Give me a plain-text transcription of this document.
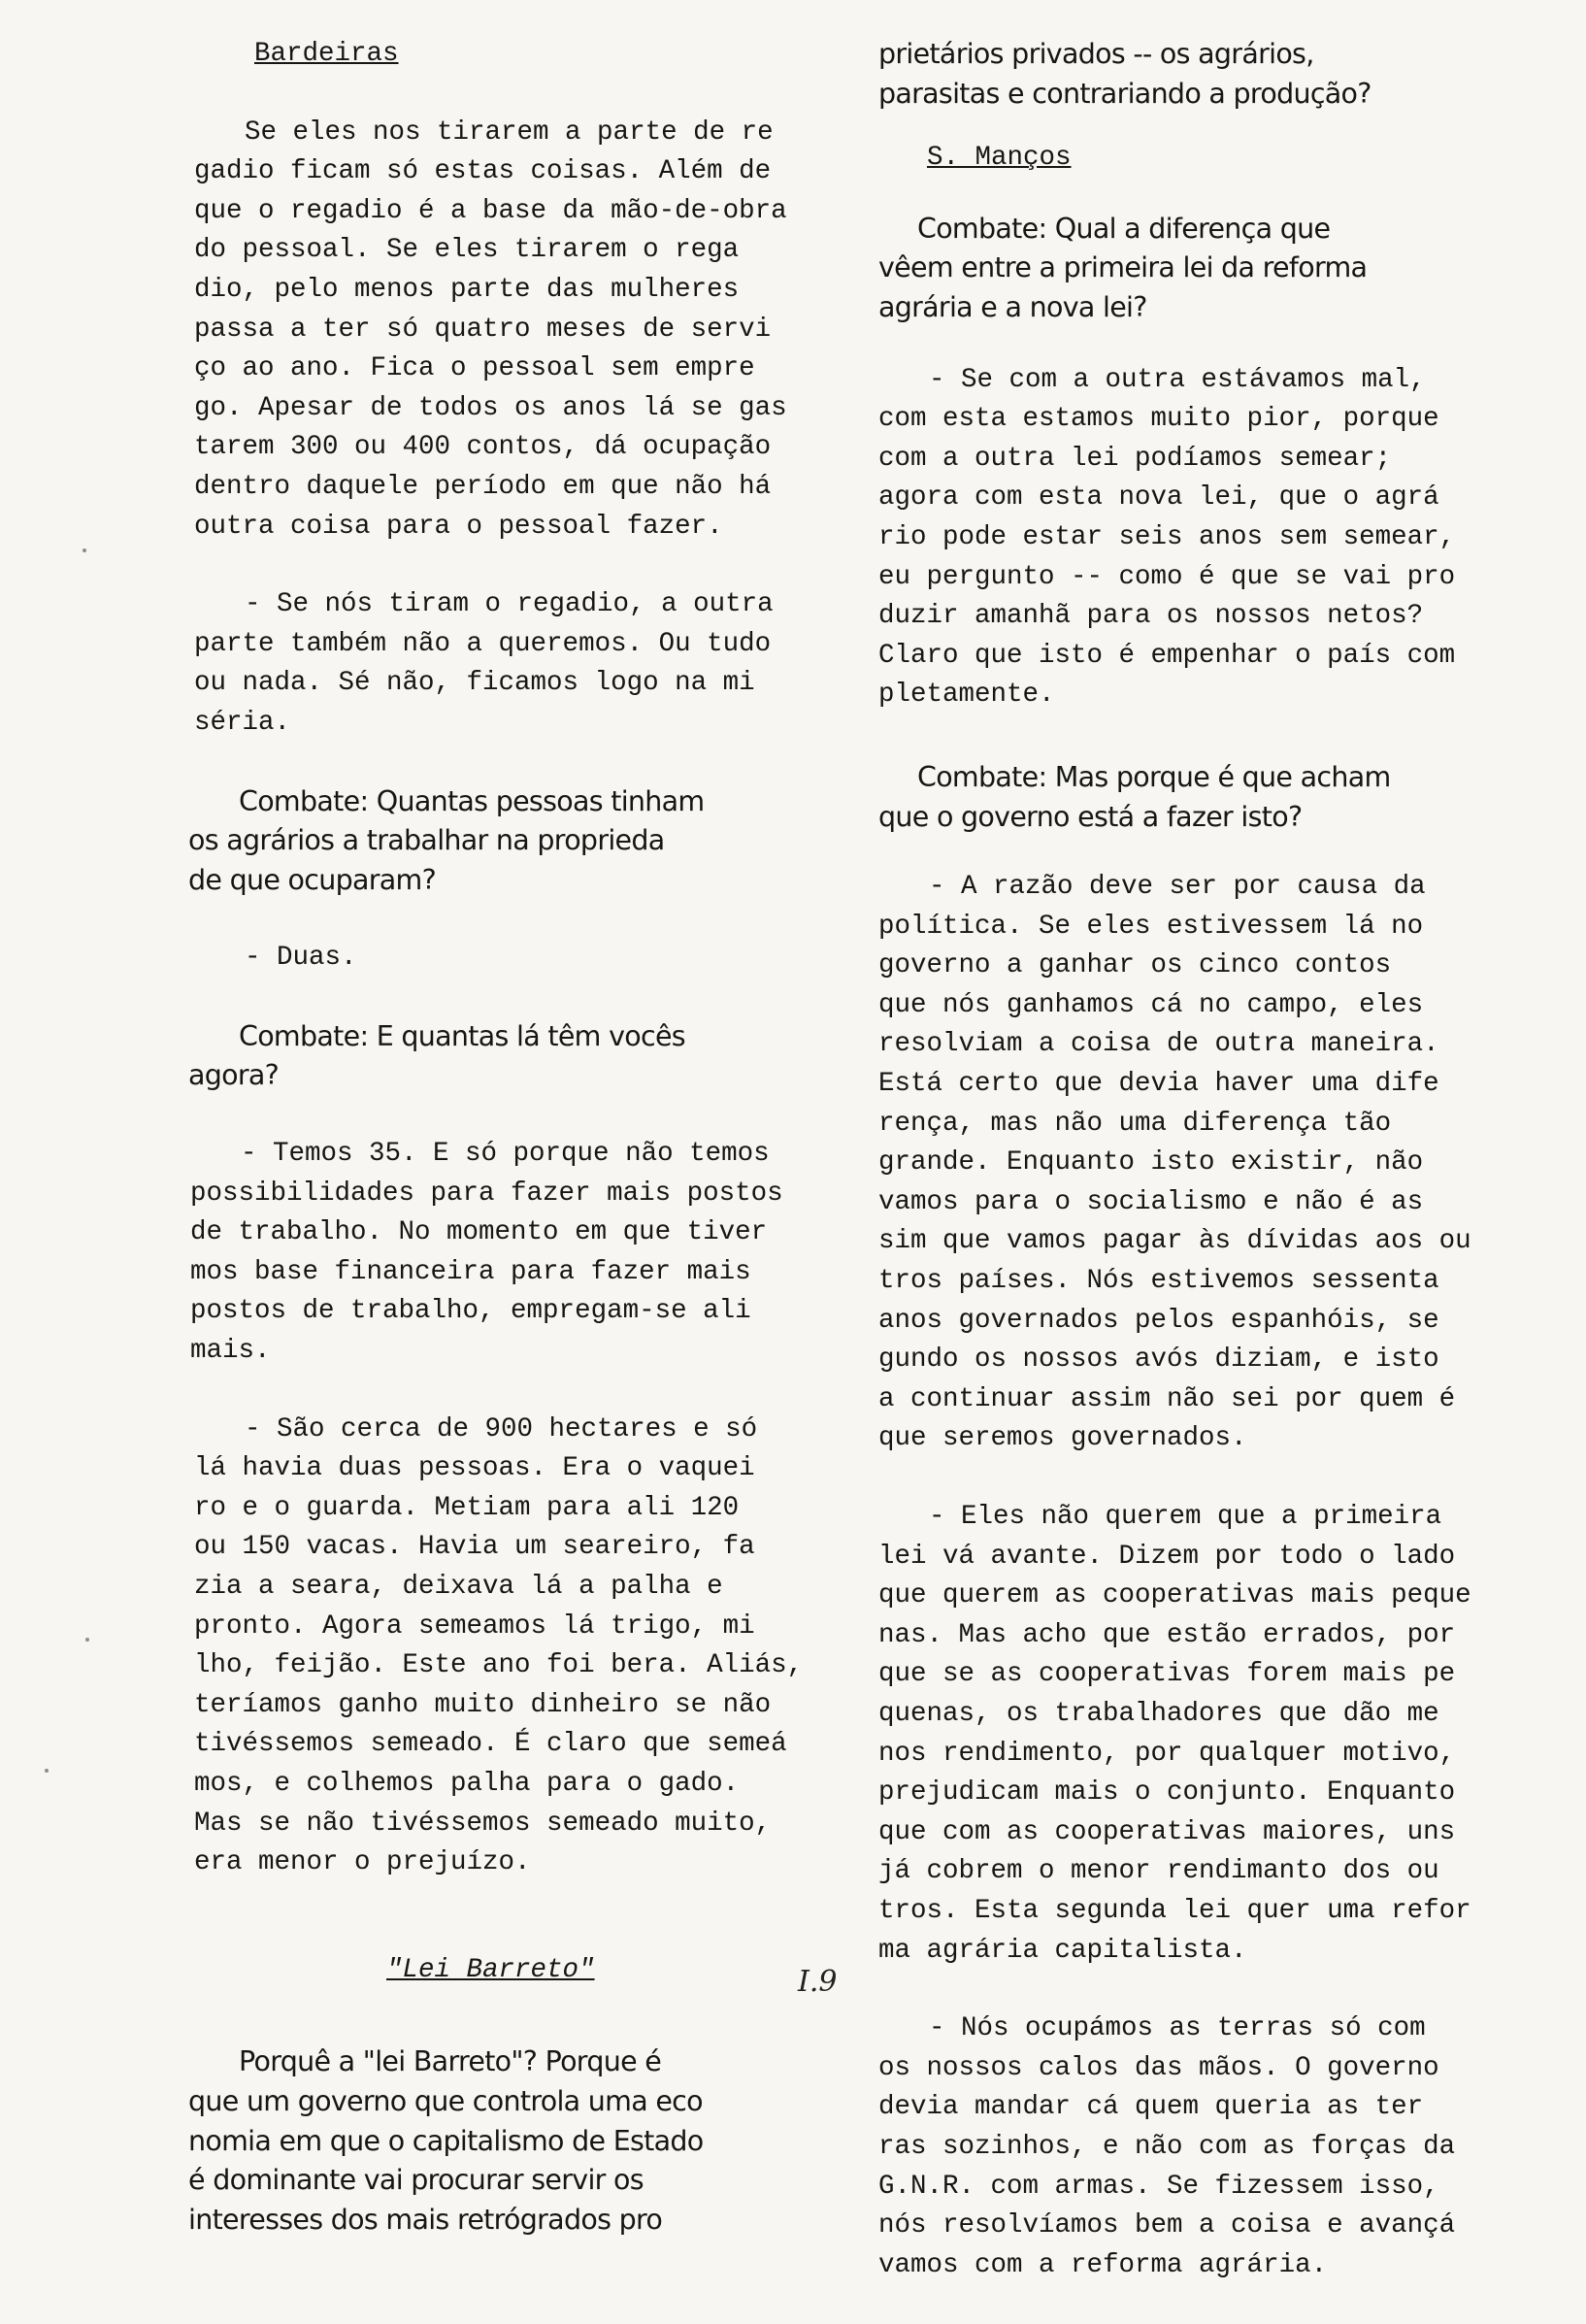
Bardeiras
Se eles nos tirarem a parte de re
gadio ficam só estas coisas. Além de
que o regadio é a base da mão-de-obra
do pessoal. Se eles tirarem o rega
dio, pelo menos parte das mulheres
passa a ter só quatro meses de servi
ço ao ano. Fica o pessoal sem empre
go. Apesar de todos os anos lá se gas
tarem 300 ou 400 contos, dá ocupação
dentro daquele período em que não há
outra coisa para o pessoal fazer.
- Se nós tiram o regadio, a outra
parte também não a queremos. Ou tudo
ou nada. Sé não, ficamos logo na mi
séria.
Combate: Quantas pessoas tinham
os agrários a trabalhar na proprieda
de que ocuparam?
- Duas.
Combate: E quantas lá têm vocês
agora?
- Temos 35. E só porque não temos
possibilidades para fazer mais postos
de trabalho. No momento em que tiver
mos base financeira para fazer mais
postos de trabalho, empregam-se ali
mais.
- São cerca de 900 hectares e só
lá havia duas pessoas. Era o vaquei
ro e o guarda. Metiam para ali 120
ou 150 vacas. Havia um seareiro, fa
zia a seara, deixava lá a palha e
pronto. Agora semeamos lá trigo, mi
lho, feijão. Este ano foi bera. Aliás,
teríamos ganho muito dinheiro se não
tivéssemos semeado. É claro que semeá
mos, e colhemos palha para o gado.
Mas se não tivéssemos semeado muito,
era menor o prejuízo.
"Lei Barreto"
Porquê a "lei Barreto"? Porque é
que um governo que controla uma eco
nomia em que o capitalismo de Estado
é dominante vai procurar servir os
interesses dos mais retrógrados pro
prietários privados -- os agrários,
parasitas e contrariando a produção?
S. Manços
Combate: Qual a diferença que
vêem entre a primeira lei da reforma
agrária e a nova lei?
- Se com a outra estávamos mal,
com esta estamos muito pior, porque
com a outra lei podíamos semear;
agora com esta nova lei, que o agrá
rio pode estar seis anos sem semear,
eu pergunto -- como é que se vai pro
duzir amanhã para os nossos netos?
Claro que isto é empenhar o país com
pletamente.
Combate: Mas porque é que acham
que o governo está a fazer isto?
- A razão deve ser por causa da
política. Se eles estivessem lá no
governo a ganhar os cinco contos
que nós ganhamos cá no campo, eles
resolviam a coisa de outra maneira.
Está certo que devia haver uma dife
rença, mas não uma diferença tão
grande. Enquanto isto existir, não
vamos para o socialismo e não é as
sim que vamos pagar às dívidas aos ou
tros países. Nós estivemos sessenta
anos governados pelos espanhóis, se
gundo os nossos avós diziam, e isto
a continuar assim não sei por quem é
que seremos governados.
- Eles não querem que a primeira
lei vá avante. Dizem por todo o lado
que querem as cooperativas mais peque
nas. Mas acho que estão errados, por
que se as cooperativas forem mais pe
quenas, os trabalhadores que dão me
nos rendimento, por qualquer motivo,
prejudicam mais o conjunto. Enquanto
que com as cooperativas maiores, uns
já cobrem o menor rendimanto dos ou
tros. Esta segunda lei quer uma refor
ma agrária capitalista.
- Nós ocupámos as terras só com
os nossos calos das mãos. O governo
devia mandar cá quem queria as ter
ras sozinhos, e não com as forças da
G.N.R. com armas. Se fizessem isso,
nós resolvíamos bem a coisa e avançá
vamos com a reforma agrária.
I.9
